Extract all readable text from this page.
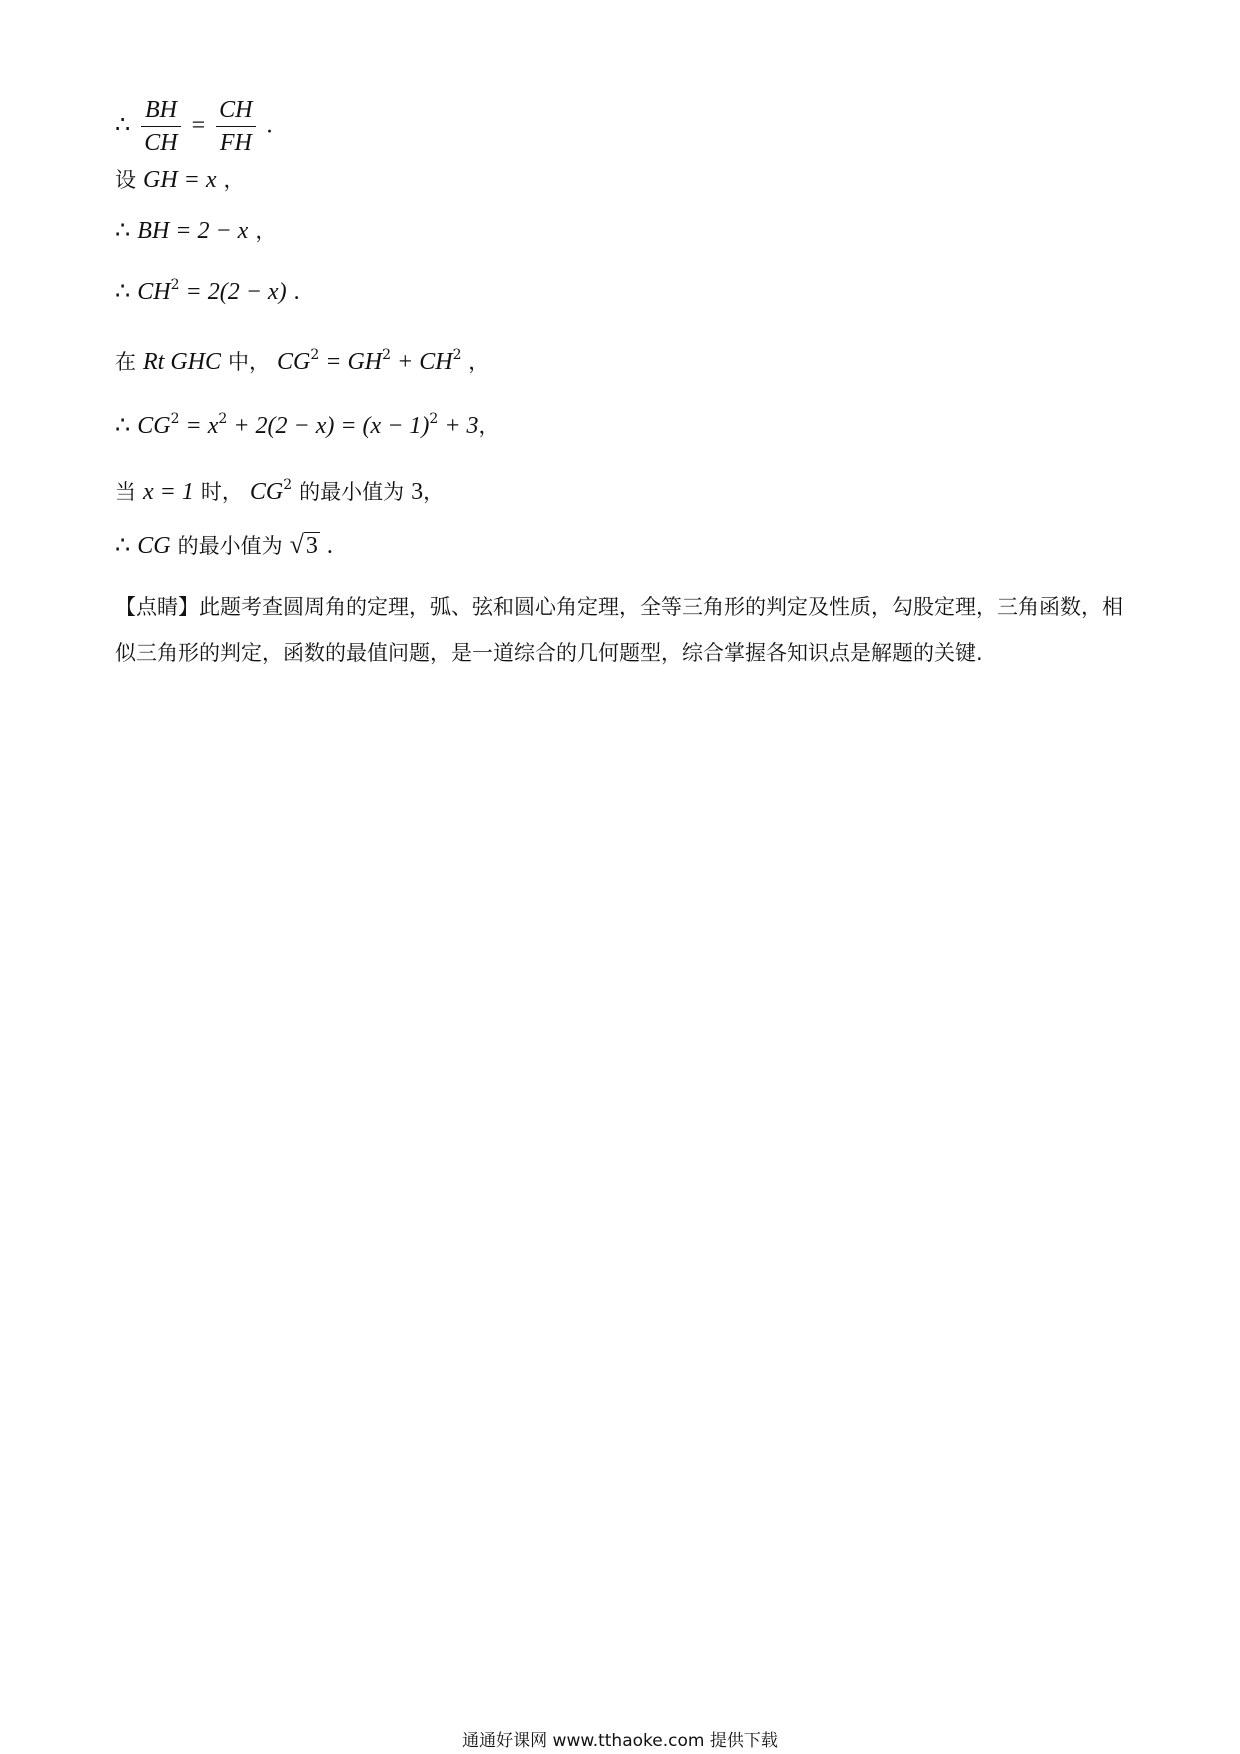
∴ $\frac{BH}{CH} = \frac{CH}{FH}$ .
设 GH = x ，
∴ BH = 2 − x ，
∴ $CH^2 = 2(2 - x)$ .
在 Rt GHC 中， $CG^2 = GH^2 + CH^2$ ，
∴ $CG^2 = x^2 + 2(2 - x) = (x - 1)^2 + 3$，
当 x = 1 时， $CG^2$ 的最小值为 3，
∴ CG 的最小值为 √3 .
【点睛】此题考查圆周角的定理，弧、弦和圆心角定理，全等三角形的判定及性质，勾股定理，三角函数，相似三角形的判定，函数的最值问题，是一道综合的几何题型，综合掌握各知识点是解题的关键.
通通好课网 www.tthaoke.com 提供下载
